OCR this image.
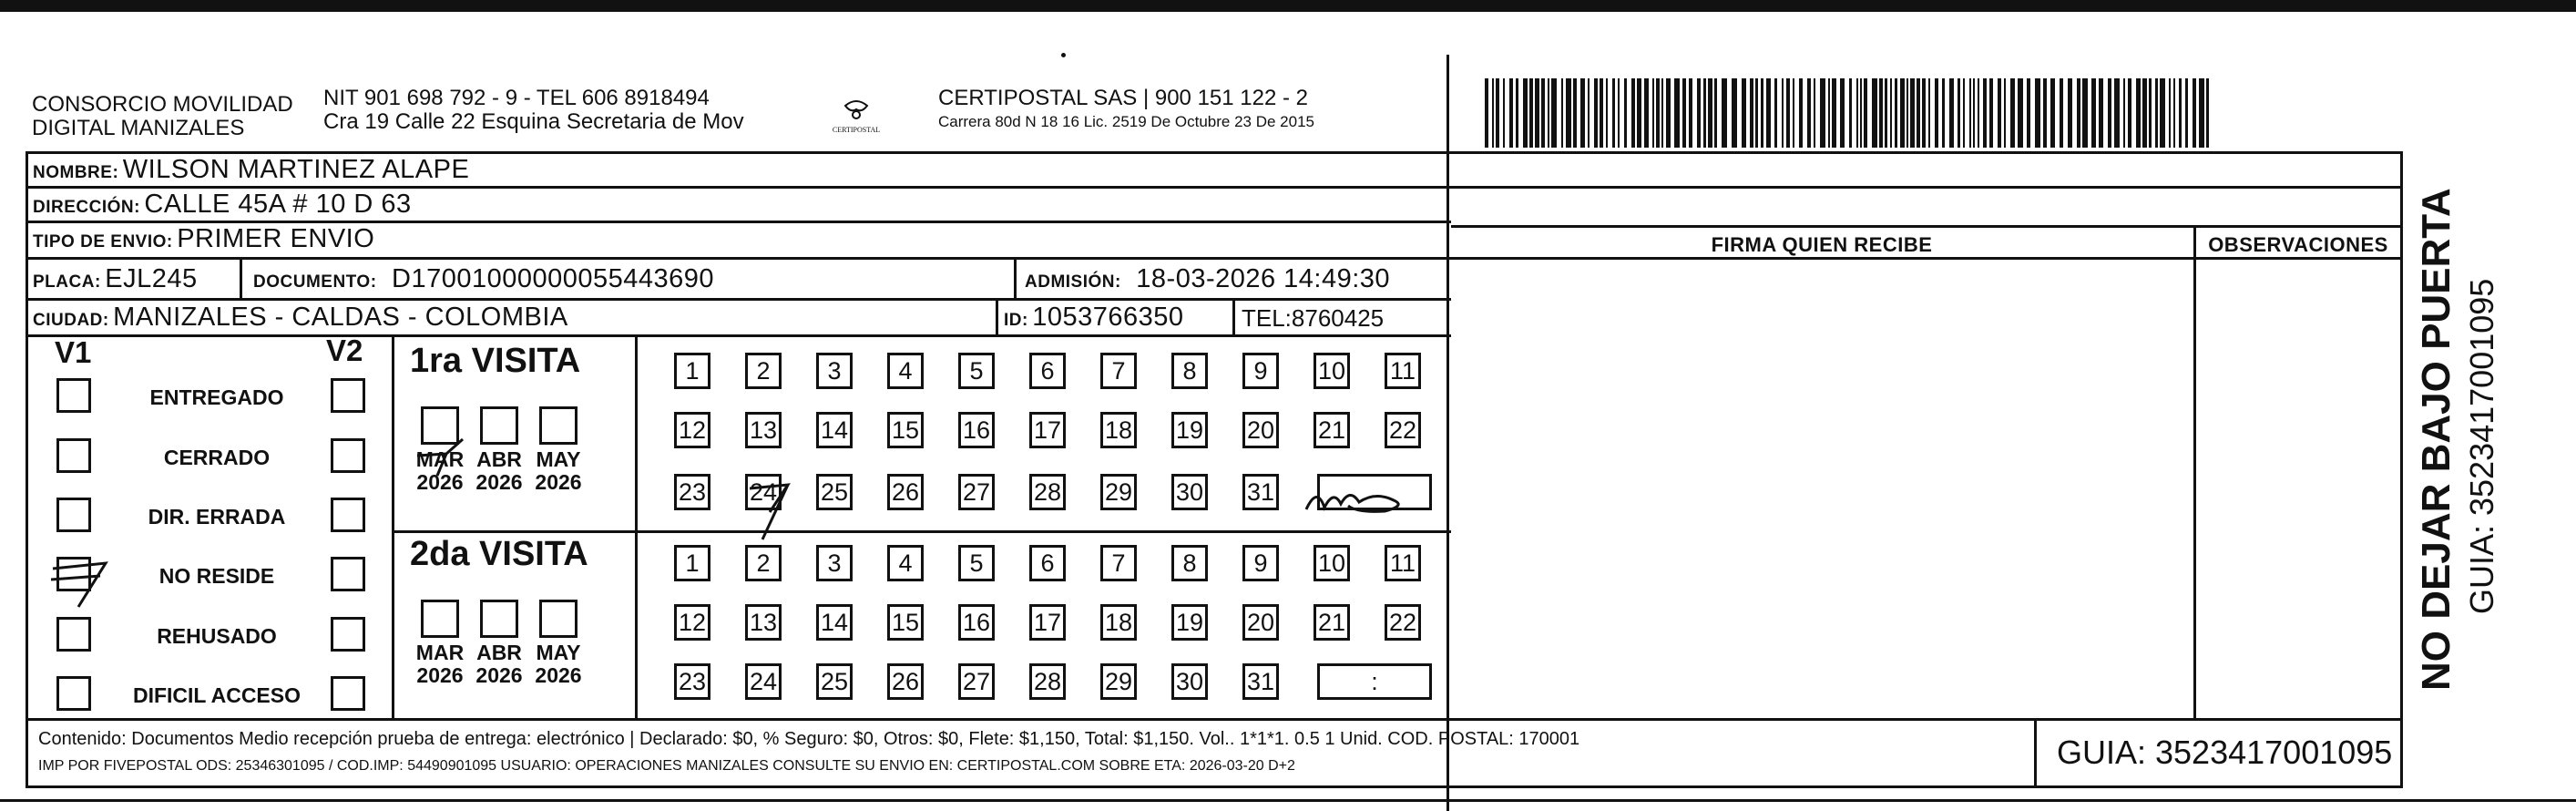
CONSORCIO MOVILIDAD
DIGITAL MANIZALES
NIT 901 698 792 - 9 - TEL 606 8918494
Cra 19 Calle 22 Esquina Secretaria de Mov	CERTIPOSTAL
CERTIPOSTAL SAS | 900 151 122 - 2
Carrera 80d N 18 16 Lic. 2519 De Octubre 23 De 2015
NOMBRE: WILSON MARTINEZ ALAPE
DIRECCIÓN: CALLE 45A # 10 D 63
TIPO DE ENVIO: PRIMER ENVIO
PLACA: EJL245	DOCUMENTO: D17001000000055443690	ADMISIÓN: 18-03-2026 14:49:30
CIUDAD: MANIZALES - CALDAS - COLOMBIA	ID: 1053766350 TEL:8760425
FIRMA QUIEN RECIBE	OBSERVACIONES
V1	V2
ENTREGADO
CERRADO
DIR. ERRADA
NO RESIDE
REHUSADO
DIFICIL ACCESO
1ra VISITA
2da VISITA
MAR
2026
ABR
2026
MAY
2026
MAR
2026
ABR
2026
MAY
2026
1	2	3	4	5	6	7	8	9	10 11
12 13 14 15 16 17 18 19 20 21 22
23 24 25 26 27 28 29 30 31
1	2	3	4	5	6	7	8	9	10 11
12 13 14 15 16 17 18 19 20 21 22
23 24 25 26 27 28 29 30 31	:
Contenido: Documentos Medio recepción prueba de entrega: electrónico | Declarado: $0, % Seguro: $0, Otros: $0, Flete: $1,150, Total: $1,150. Vol.. 1*1*1. 0.5 1 Unid. COD. POSTAL: 170001
IMP POR FIVEPOSTAL ODS: 25346301095 / COD.IMP: 54490901095 USUARIO: OPERACIONES MANIZALES CONSULTE SU ENVIO EN: CERTIPOSTAL.COM SOBRE ETA: 2026-03-20 D+2	GUIA: 3523417001095
NO DEJAR BAJO PUERTA GUIA: 3523417001095
